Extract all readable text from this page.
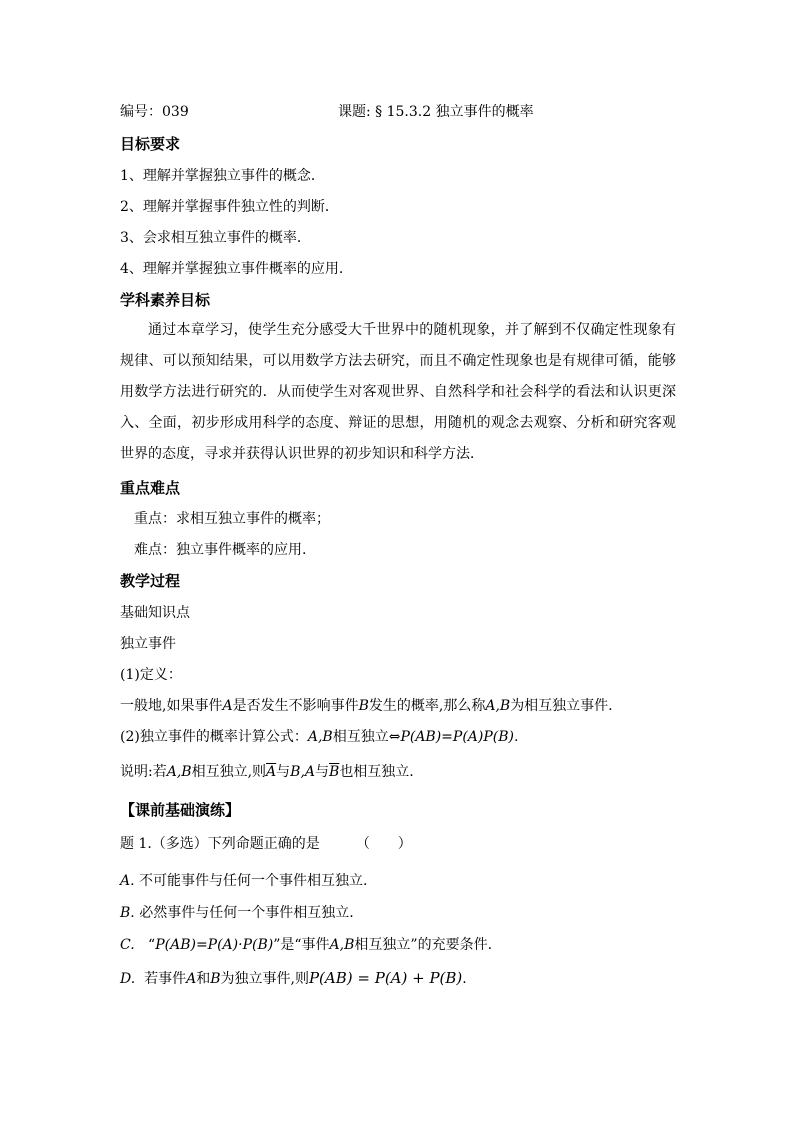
编号：039	课题: § 15.3.2 独立事件的概率
目标要求
1、理解并掌握独立事件的概念．
2、理解并掌握事件独立性的判断．
3、会求相互独立事件的概率．
4、理解并掌握独立事件概率的应用.
学科素养目标
通过本章学习，使学生充分感受大千世界中的随机现象，并了解到不仅确定性现象有规律、可以预知结果，可以用数学方法去研究，而且不确定性现象也是有规律可循，能够用数学方法进行研究的．从而使学生对客观世界、自然科学和社会科学的看法和认识更深入、全面，初步形成用科学的态度、辩证的思想，用随机的观念去观察、分析和研究客观世界的态度，寻求并获得认识世界的初步知识和科学方法．
重点难点
重点：求相互独立事件的概率；
难点：独立事件概率的应用.
教学过程
基础知识点
独立事件
(1)定义：
一般地,如果事件A是否发生不影响事件B发生的概率,那么称A,B为相互独立事件.
(2)独立事件的概率计算公式：A,B相互独立⇔P(AB)=P(A)P(B).
说明:若A,B相互独立,则$\overline{A}$与B,A与$\overline{B}$也相互独立.
【课前基础演练】
题 1.（多选）下列命题正确的是	（　　）
A. 不可能事件与任何一个事件相互独立.
B. 必然事件与任何一个事件相互独立.
C. “P(AB)=P(A)·P(B)”是“事件A,B相互独立”的充要条件.
D. 若事件A和B为独立事件,则P(AB) = P(A) + P(B).
